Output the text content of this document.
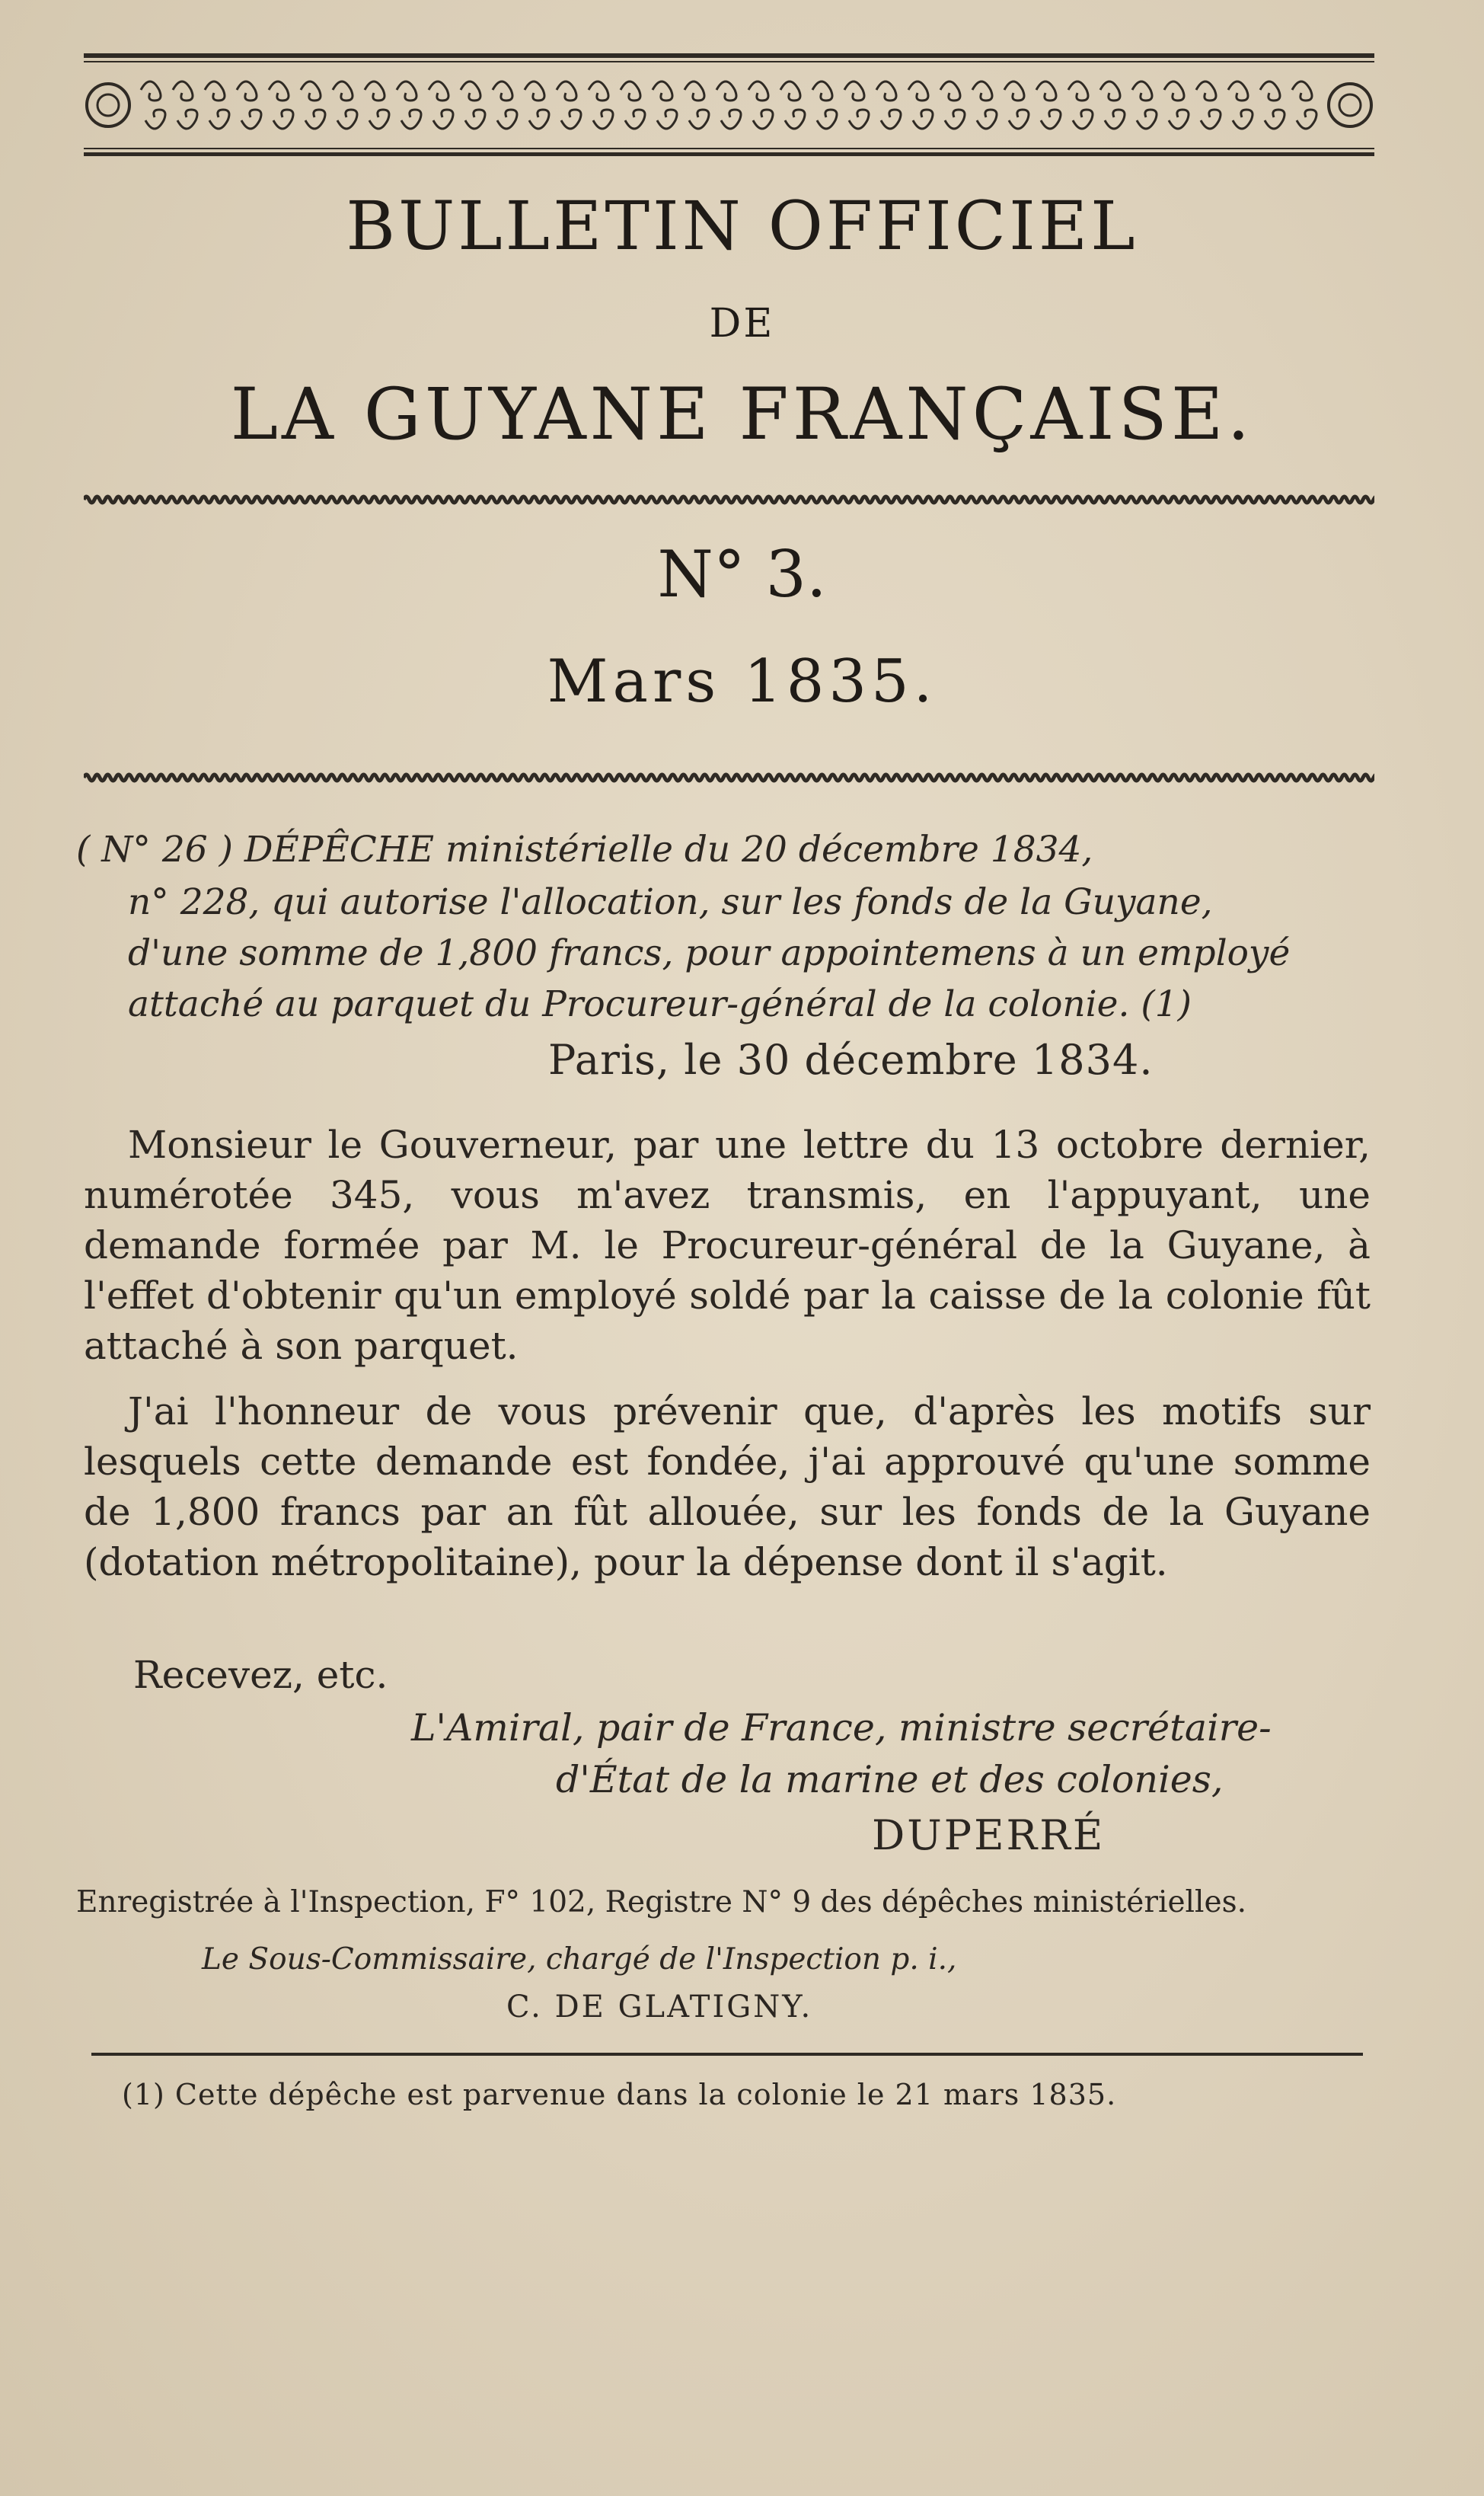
BULLETIN OFFICIEL
DE
LA GUYANE FRANÇAISE.
N° 3.
Mars 1835.
( N° 26 ) DÉPÊCHE ministérielle du 20 décembre 1834,
n° 228, qui autorise l'allocation, sur les fonds de la Guyane,
d'une somme de 1,800 francs, pour appointemens à un employé
attaché au parquet du Procureur-général de la colonie. (1)
Paris, le 30 décembre 1834.
Monsieur le Gouverneur, par une lettre du 13 octobre dernier, numérotée 345, vous m'avez transmis, en l'appuyant, une demande formée par M. le Procureur-général de la Guyane, à l'effet d'obtenir qu'un employé soldé par la caisse de la colonie fût attaché à son parquet.
J'ai l'honneur de vous prévenir que, d'après les motifs sur lesquels cette demande est fondée, j'ai approuvé qu'une somme de 1,800 francs par an fût allouée, sur les fonds de la Guyane (dotation métropolitaine), pour la dépense dont il s'agit.
Recevez, etc.
L'Amiral, pair de France, ministre secrétaire-
d'État de la marine et des colonies,
DUPERRÉ
Enregistrée à l'Inspection, F° 102, Registre N° 9 des dépêches ministérielles.
Le Sous-Commissaire, chargé de l'Inspection p. i.,
C. DE GLATIGNY.
(1) Cette dépêche est parvenue dans la colonie le 21 mars 1835.
